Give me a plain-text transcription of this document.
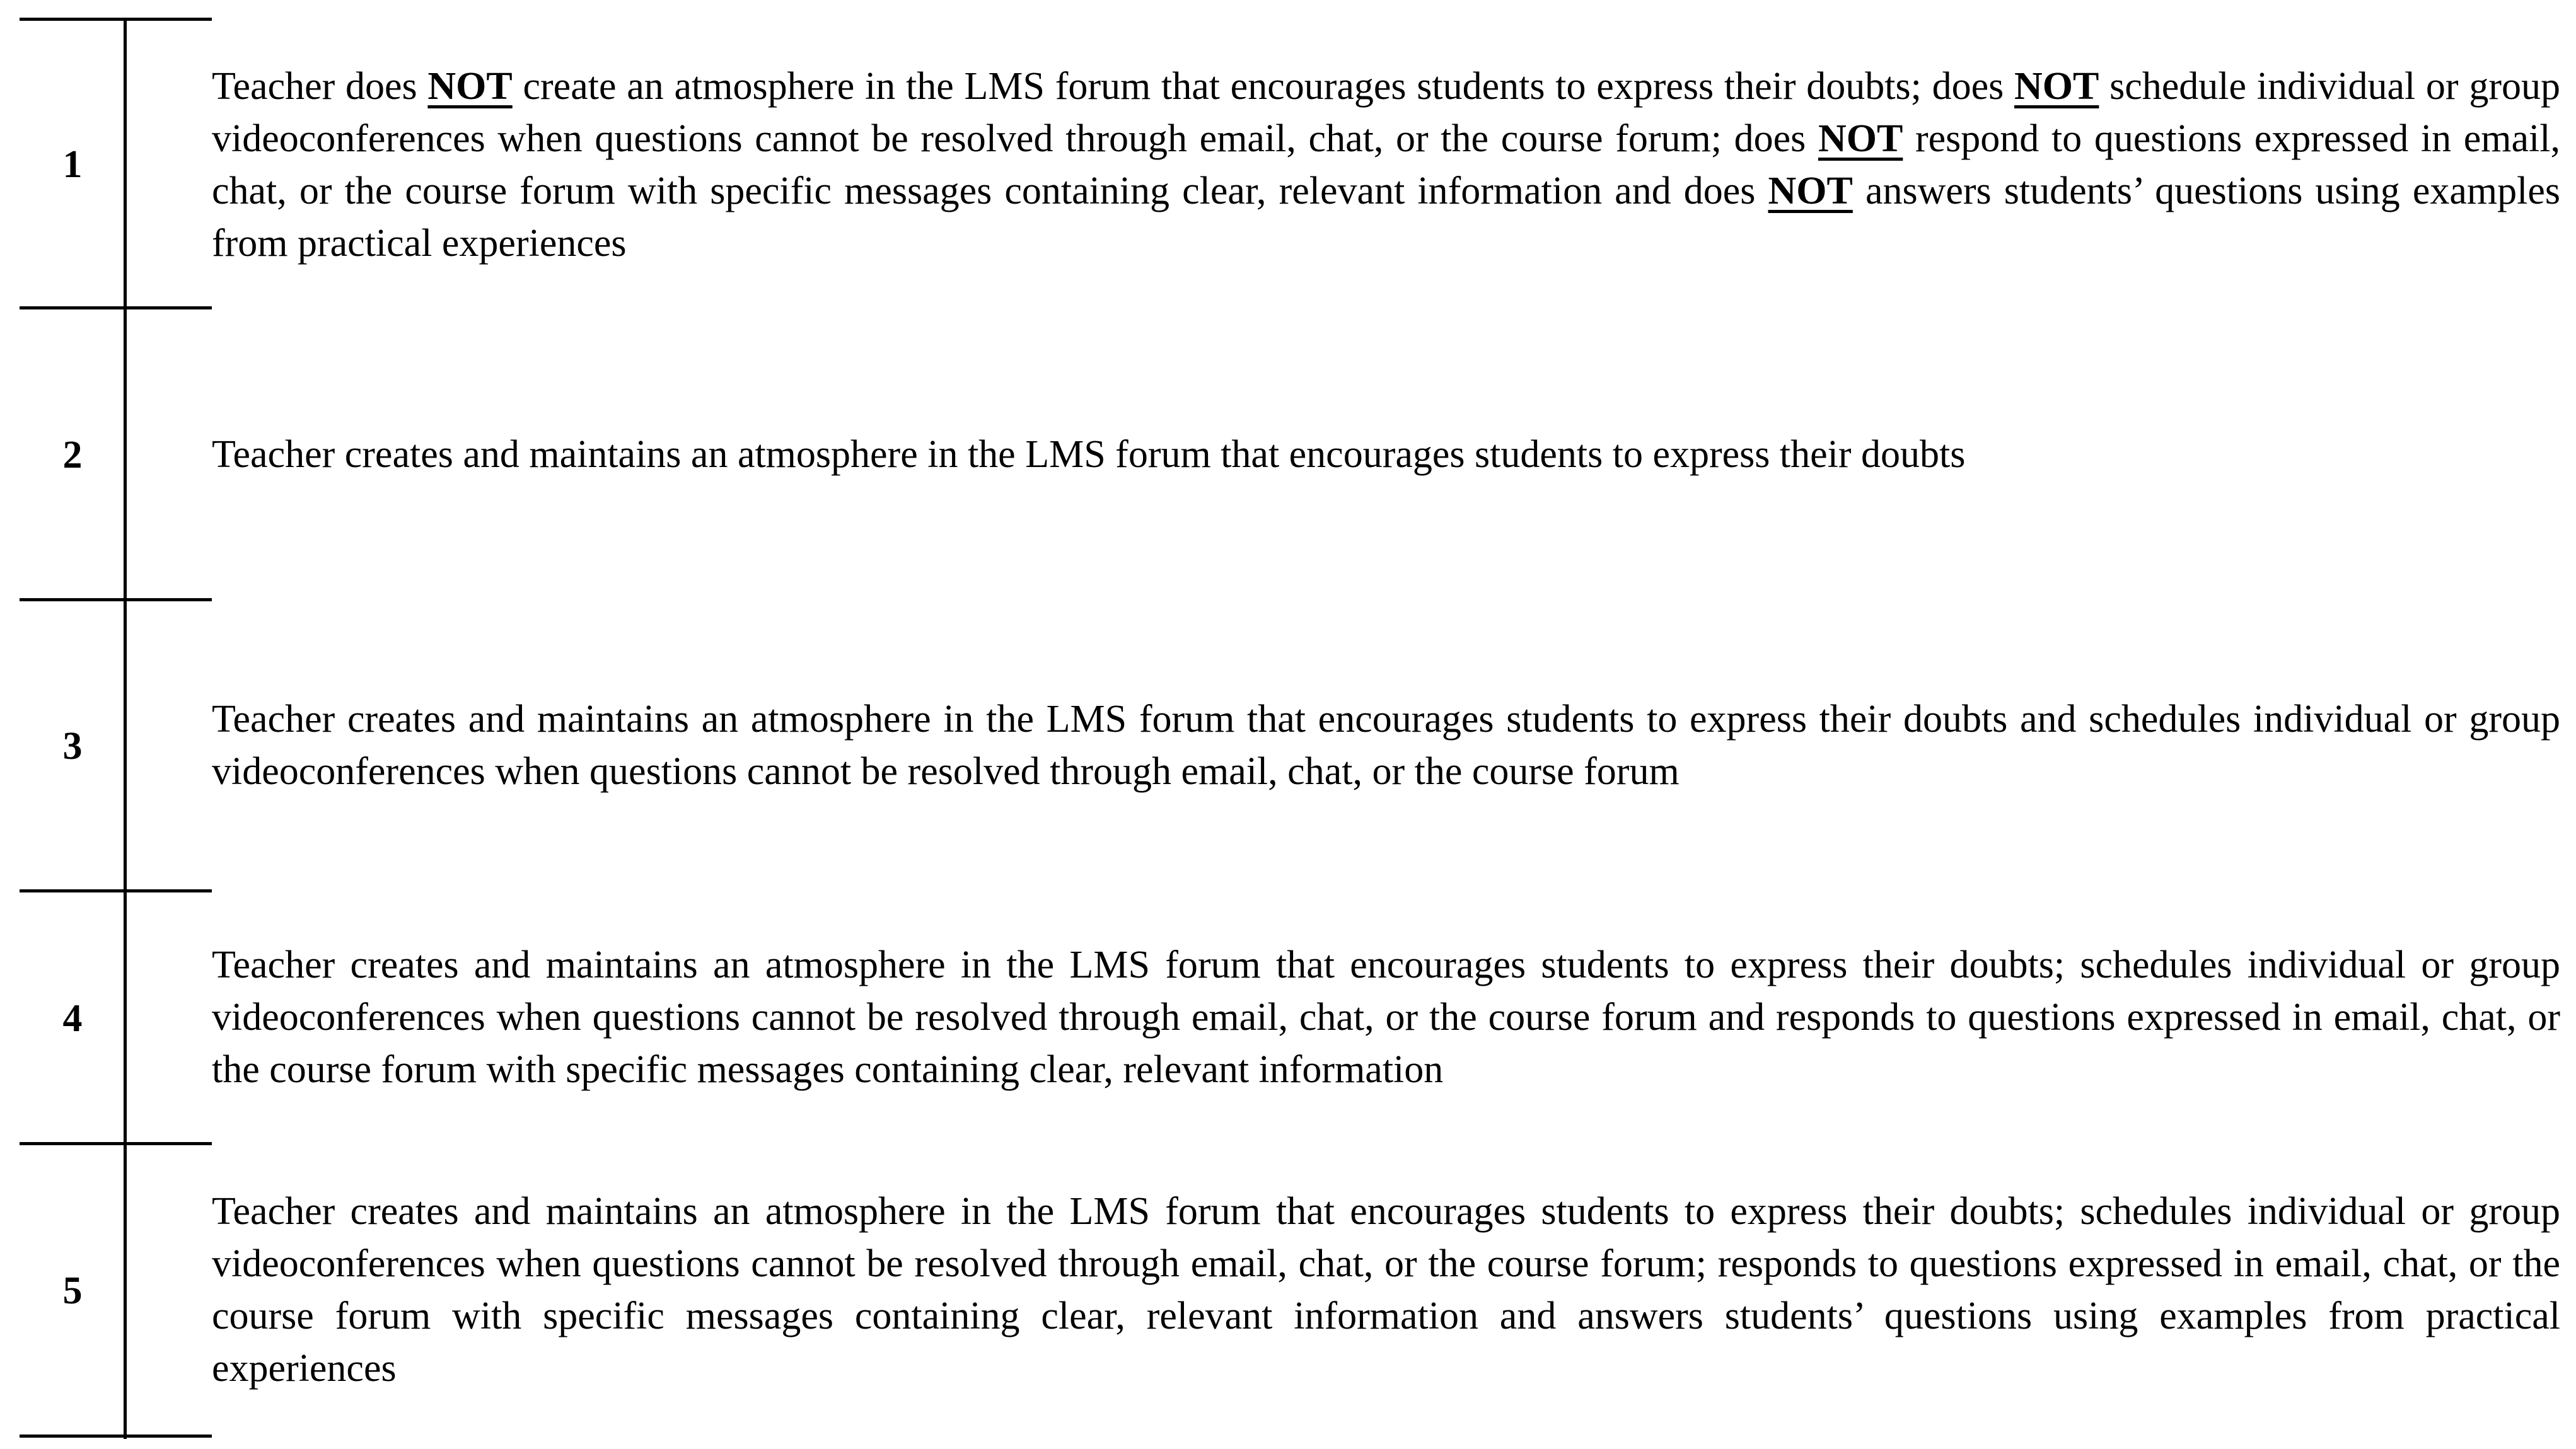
1
Teacher does NOT create an atmosphere in the LMS forum that encourages students to express their doubts; does NOT schedule individual or group videoconferences when questions cannot be resolved through email, chat, or the course forum; does NOT respond to questions expressed in email, chat, or the course forum with specific messages containing clear, relevant information and does NOT answers students’ questions using examples from practical experiences
2	Teacher creates and maintains an atmosphere in the LMS forum that encourages students to express their doubts
3
Teacher creates and maintains an atmosphere in the LMS forum that encourages students to express their doubts and schedules individual or group videoconferences when questions cannot be resolved through email, chat, or the course forum
4
Teacher creates and maintains an atmosphere in the LMS forum that encourages students to express their doubts; schedules individual or group videoconferences when questions cannot be resolved through email, chat, or the course forum and responds to questions expressed in email, chat, or the course forum with specific messages containing clear, relevant information
5
Teacher creates and maintains an atmosphere in the LMS forum that encourages students to express their doubts; schedules individual or group videoconferences when questions cannot be resolved through email, chat, or the course forum; responds to questions expressed in email, chat, or the course forum with specific messages containing clear, relevant information and answers students’ questions using examples from practical experiences
